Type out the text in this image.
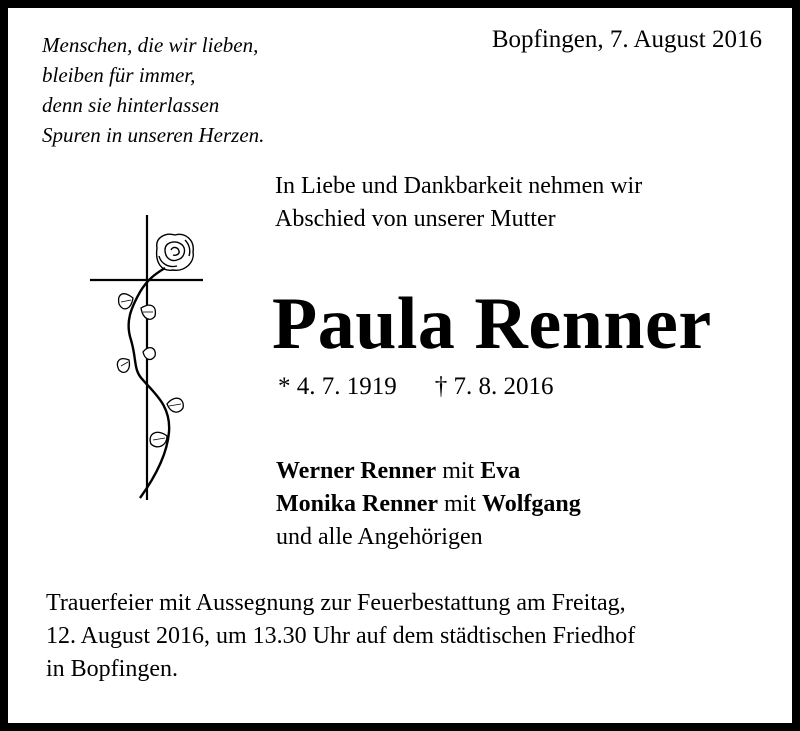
Menschen, die wir lieben,
bleiben für immer,
denn sie hinterlassen
Spuren in unseren Herzen.
Bopfingen, 7. August 2016
In Liebe und Dankbarkeit nehmen wir
Abschied von unserer Mutter
Paula Renner
* 4. 7. 1919 † 7. 8. 2016
Werner Renner mit Eva
Monika Renner mit Wolfgang
und alle Angehörigen
Trauerfeier mit Aussegnung zur Feuerbestattung am Freitag,
12. August 2016, um 13.30 Uhr auf dem städtischen Friedhof
in Bopfingen.
